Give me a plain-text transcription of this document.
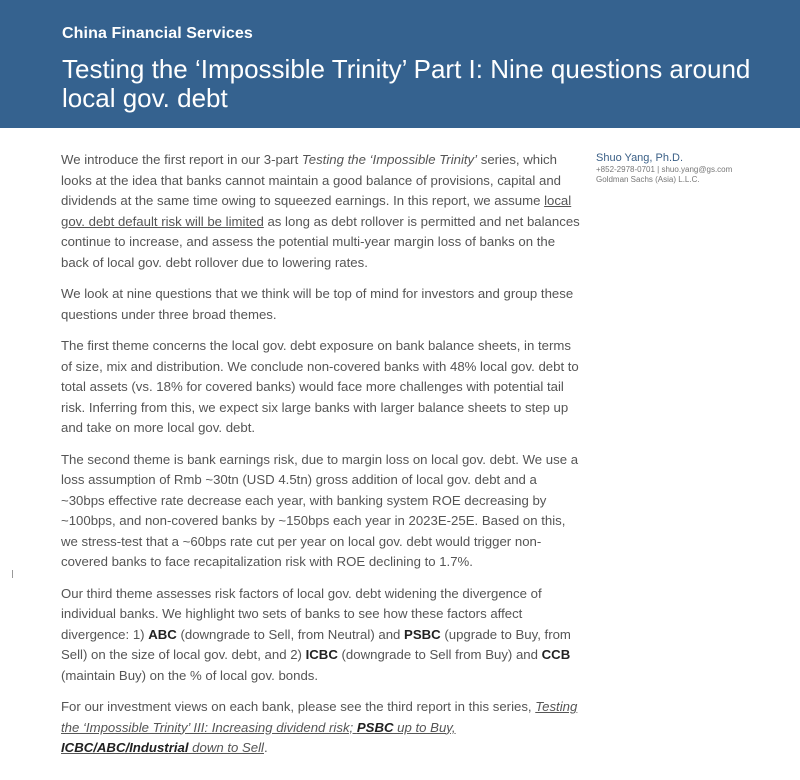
China Financial Services
Testing the ‘Impossible Trinity’ Part I: Nine questions around local gov. debt
Shuo Yang, Ph.D.
+852-2978-0701 | shuo.yang@gs.com
Goldman Sachs (Asia) L.L.C.

We introduce the first report in our 3-part Testing the ‘Impossible Trinity’ series, which looks at the idea that banks cannot maintain a good balance of provisions, capital and dividends at the same time owing to squeezed earnings. In this report, we assume local gov. debt default risk will be limited as long as debt rollover is permitted and net balances continue to increase, and assess the potential multi-year margin loss of banks on the back of local gov. debt rollover due to lowering rates.

We look at nine questions that we think will be top of mind for investors and group these questions under three broad themes.

The first theme concerns the local gov. debt exposure on bank balance sheets, in terms of size, mix and distribution. We conclude non-covered banks with 48% local gov. debt to total assets (vs. 18% for covered banks) would face more challenges with potential tail risk. Inferring from this, we expect six large banks with larger balance sheets to step up and take on more local gov. debt.

The second theme is bank earnings risk, due to margin loss on local gov. debt. We use a loss assumption of Rmb ~30tn (USD 4.5tn) gross addition of local gov. debt and a ~30bps effective rate decrease each year, with banking system ROE decreasing by ~100bps, and non-covered banks by ~150bps each year in 2023E-25E. Based on this, we stress-test that a ~60bps rate cut per year on local gov. debt would trigger non-covered banks to face recapitalization risk with ROE declining to 1.7%.

Our third theme assesses risk factors of local gov. debt widening the divergence of individual banks. We highlight two sets of banks to see how these factors affect divergence: 1) ABC (downgrade to Sell, from Neutral) and PSBC (upgrade to Buy, from Sell) on the size of local gov. debt, and 2) ICBC (downgrade to Sell from Buy) and CCB (maintain Buy) on the % of local gov. bonds.

For our investment views on each bank, please see the third report in this series, Testing the ‘Impossible Trinity’ III: Increasing dividend risk; PSBC up to Buy, ICBC/ABC/Industrial down to Sell.
